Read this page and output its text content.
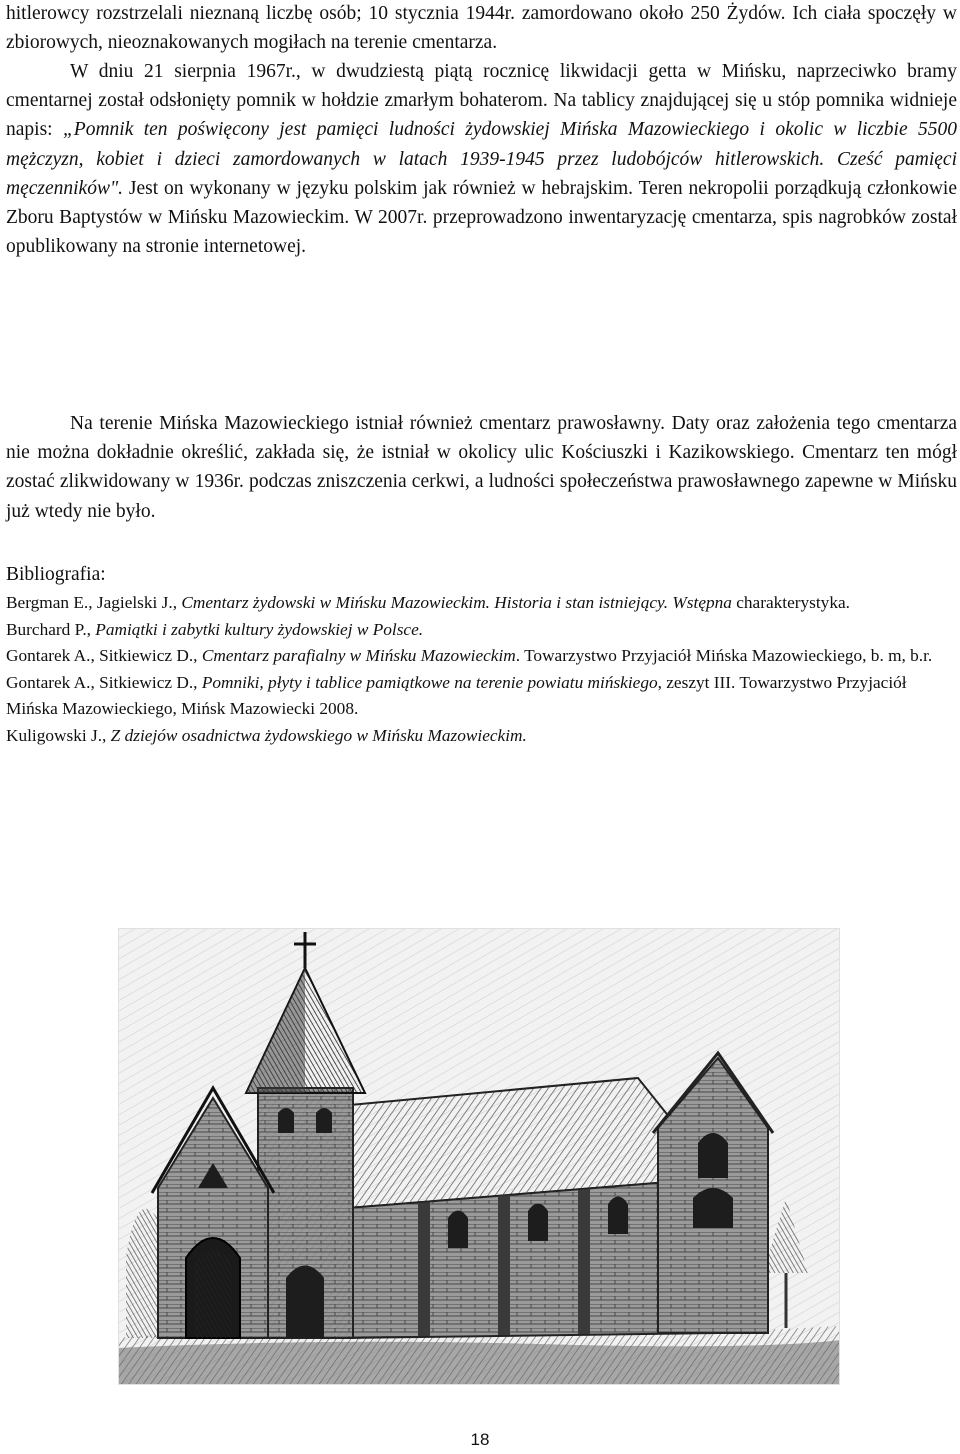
hitlerowcy rozstrzelali nieznaną liczbę osób; 10 stycznia 1944r. zamordowano około 250 Żydów. Ich ciała spoczęły w zbiorowych, nieoznakowanych mogiłach na terenie cmentarza.

W dniu 21 sierpnia 1967r., w dwudziestą piątą rocznicę likwidacji getta w Mińsku, naprzeciwko bramy cmentarnej został odsłonięty pomnik w hołdzie zmarłym bohaterom. Na tablicy znajdującej się u stóp pomnika widnieje napis: „Pomnik ten poświęcony jest pamięci ludności żydowskiej Mińska Mazowieckiego i okolic w liczbie 5500 mężczyzn, kobiet i dzieci zamordowanych w latach 1939-1945 przez ludobójców hitlerowskich. Cześć pamięci męczenników". Jest on wykonany w języku polskim jak również w hebrajskim. Teren nekropolii porządkują członkowie Zboru Baptystów w Mińsku Mazowieckim. W 2007r. przeprowadzono inwentaryzację cmentarza, spis nagrobków został opublikowany na stronie internetowej.

Na terenie Mińska Mazowieckiego istniał również cmentarz prawosławny. Daty oraz założenia tego cmentarza nie można dokładnie określić, zakłada się, że istniał w okolicy ulic Kościuszki i Kazikowskiego. Cmentarz ten mógł zostać zlikwidowany w 1936r. podczas zniszczenia cerkwi, a ludności społeczeństwa prawosławnego zapewne w Mińsku już wtedy nie było.

Bibliografia:

Bergman E., Jagielski J., Cmentarz żydowski w Mińsku Mazowieckim. Historia i stan istniejący. Wstępna charakterystyka.

Burchard P., Pamiątki i zabytki kultury żydowskiej w Polsce.

Gontarek A., Sitkiewicz D., Cmentarz parafialny w Mińsku Mazowieckim. Towarzystwo Przyjaciół Mińska Mazowieckiego, b. m, b.r.

Gontarek A., Sitkiewicz D., Pomniki, płyty i tablice pamiątkowe na terenie powiatu mińskiego, zeszyt III. Towarzystwo Przyjaciół Mińska Mazowieckiego, Mińsk Mazowiecki 2008.

Kuligowski J., Z dziejów osadnictwa żydowskiego w Mińsku Mazowieckim.

18
